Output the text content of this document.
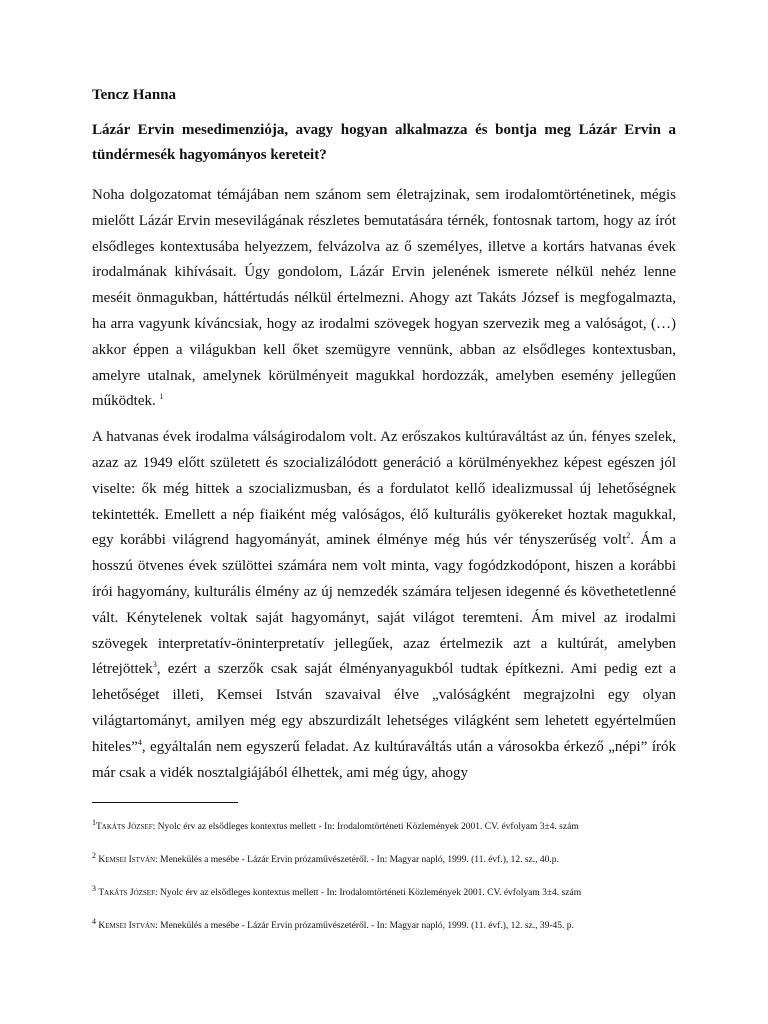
Tencz Hanna

Lázár Ervin mesedimenziója, avagy hogyan alkalmazza és bontja meg Lázár Ervin a tündérmesék hagyományos kereteit?

Noha dolgozatomat témájában nem szánom sem életrajzinak, sem irodalomtörténetinek, mégis mielőtt Lázár Ervin mesevilágának részletes bemutatására térnék, fontosnak tartom, hogy az írót elsődleges kontextusába helyezzem, felvázolva az ő személyes, illetve a kortárs hatvanas évek irodalmának kihívásait. Úgy gondolom, Lázár Ervin jelenének ismerete nélkül nehéz lenne meséit önmagukban, háttértudás nélkül értelmezni. Ahogy azt Takáts József is megfogalmazta, ha arra vagyunk kíváncsiak, hogy az irodalmi szövegek hogyan szervezik meg a valóságot, (…) akkor éppen a világukban kell őket szemügyre vennünk, abban az elsődleges kontextusban, amelyre utalnak, amelynek körülményeit magukkal hordozzák, amelyben esemény jellegűen működtek. $^1$

A hatvanas évek irodalma válságirodalom volt. Az erőszakos kultúraváltást az ún. fényes szelek, azaz az 1949 előtt született és szocializálódott generáció a körülményekhez képest egészen jól viselte: ők még hittek a szocializmusban, és a fordulatot kellő idealizmussal új lehetőségnek tekintették. Emellett a nép fiaiként még valóságos, élő kulturális gyökereket hoztak magukkal, egy korábbi világrend hagyományát, aminek élménye még hús vér tényszerűség volt$^2$. Ám a hosszú ötvenes évek szülöttei számára nem volt minta, vagy fogódzkodópont, hiszen a korábbi írói hagyomány, kulturális élmény az új nemzedék számára teljesen idegenné és követhetetlenné vált. Kénytelenek voltak saját hagyományt, saját világot teremteni. Ám mivel az irodalmi szövegek interpretatív-öninterpretatív jellegűek, azaz értelmezik azt a kultúrát, amelyben létrejöttek$^3$, ezért a szerzők csak saját élményanyagukból tudtak építkezni. Ami pedig ezt a lehetőséget illeti, Kemsei István szavaival élve „valóságként megrajzolni egy olyan világtartományt, amilyen még egy abszurdizált lehetséges világként sem lehetett egyértelműen hiteles”$^4$, egyáltalán nem egyszerű feladat. Az kultúraváltás után a városokba érkező „népi” írók már csak a vidék nosztalgiájából élhettek, ami még úgy, ahogy

$^1$Takáts József: Nyolc érv az elsődleges kontextus mellett - In: Irodalomtörténeti Közlemények 2001. CV. évfolyam 3±4. szám

$^2$ Kemsei István: Menekülés a mesébe - Lázár Ervin prózaművészetéről. - In: Magyar napló, 1999. (11. évf.), 12. sz., 40.p.

$^3$ Takáts József: Nyolc érv az elsődleges kontextus mellett - In: Irodalomtörténeti Közlemények 2001. CV. évfolyam 3±4. szám

$^4$ Kemsei István: Menekülés a mesébe - Lázár Ervin prózaművészetéről. - In: Magyar napló, 1999. (11. évf.), 12. sz., 39-45. p.
